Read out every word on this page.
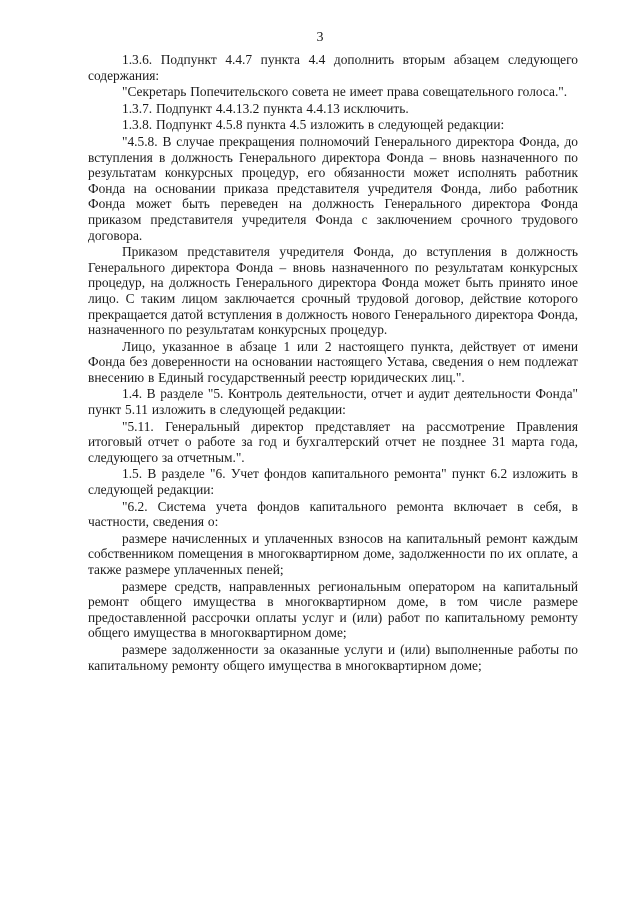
3

1.3.6. Подпункт 4.4.7 пункта 4.4 дополнить вторым абзацем следующего содержания:

"Секретарь Попечительского совета не имеет права совещательного голоса.".

1.3.7. Подпункт 4.4.13.2 пункта 4.4.13 исключить.

1.3.8. Подпункт 4.5.8 пункта 4.5 изложить в следующей редакции:

"4.5.8. В случае прекращения полномочий Генерального директора Фонда, до вступления в должность Генерального директора Фонда – вновь назначенного по результатам конкурсных процедур, его обязанности может исполнять работник Фонда на основании приказа представителя учредителя Фонда, либо работник Фонда может быть переведен на должность Генерального директора Фонда приказом представителя учредителя Фонда с заключением срочного трудового договора.

Приказом представителя учредителя Фонда, до вступления в должность Генерального директора Фонда – вновь назначенного по результатам конкурсных процедур, на должность Генерального директора Фонда может быть принято иное лицо. С таким лицом заключается срочный трудовой договор, действие которого прекращается датой вступления в должность нового Генерального директора Фонда, назначенного по результатам конкурсных процедур.

Лицо, указанное в абзаце 1 или 2 настоящего пункта, действует от имени Фонда без доверенности на основании настоящего Устава, сведения о нем подлежат внесению в Единый государственный реестр юридических лиц.".

1.4. В разделе "5. Контроль деятельности, отчет и аудит деятельности Фонда" пункт 5.11 изложить в следующей редакции:

"5.11. Генеральный директор представляет на рассмотрение Правления итоговый отчет о работе за год и бухгалтерский отчет не позднее 31 марта года, следующего за отчетным.".

1.5. В разделе "6. Учет фондов капитального ремонта" пункт 6.2 изложить в следующей редакции:

"6.2. Система учета фондов капитального ремонта включает в себя, в частности, сведения о:

размере начисленных и уплаченных взносов на капитальный ремонт каждым собственником помещения в многоквартирном доме, задолженности по их оплате, а также размере уплаченных пеней;

размере средств, направленных региональным оператором на капитальный ремонт общего имущества в многоквартирном доме, в том числе размере предоставленной рассрочки оплаты услуг и (или) работ по капитальному ремонту общего имущества в многоквартирном доме;

размере задолженности за оказанные услуги и (или) выполненные работы по капитальному ремонту общего имущества в многоквартирном доме;
